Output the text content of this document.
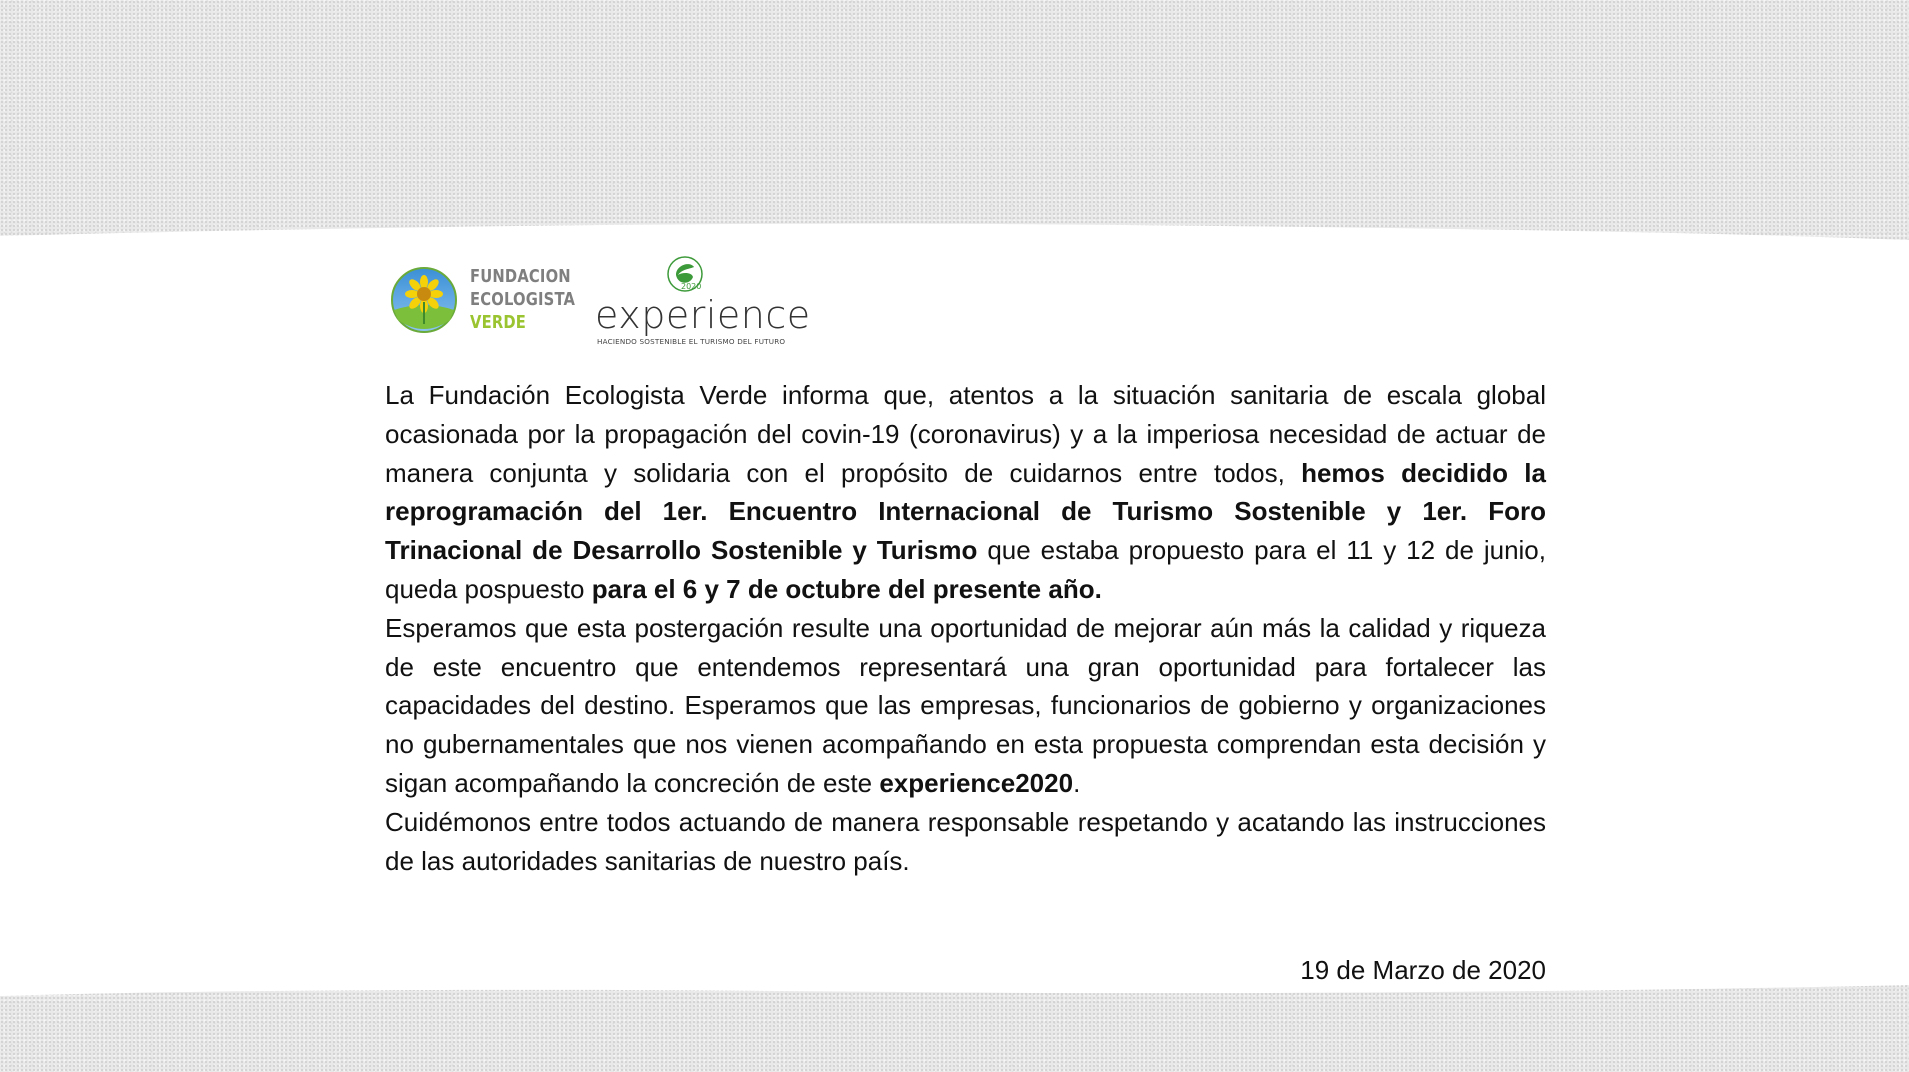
FUNDACION
ECOLOGISTA
VERDE
2020
experience
HACIENDO SOSTENIBLE EL TURISMO DEL FUTURO

La Fundación Ecologista Verde informa que, atentos a la situación sanitaria de escala global ocasionada por la propagación del covin-19 (coronavirus) y a la imperiosa necesidad de actuar de manera conjunta y solidaria con el propósito de cuidarnos entre todos, hemos decidido la reprogramación del 1er. Encuentro Internacional de Turismo Sostenible y 1er. Foro Trinacional de Desarrollo Sostenible y Turismo que estaba propuesto para el 11 y 12 de junio, queda pospuesto para el 6 y 7 de octubre del presente año.

Esperamos que esta postergación resulte una oportunidad de mejorar aún más la calidad y riqueza de este encuentro que entendemos representará una gran oportunidad para fortalecer las capacidades del destino. Esperamos que las empresas, funcionarios de gobierno y organizaciones no gubernamentales que nos vienen acompañando en esta propuesta comprendan esta decisión y sigan acompañando la concreción de este experience2020.

Cuidémonos entre todos actuando de manera responsable respetando y acatando las instrucciones de las autoridades sanitarias de nuestro país.

19 de Marzo de 2020
